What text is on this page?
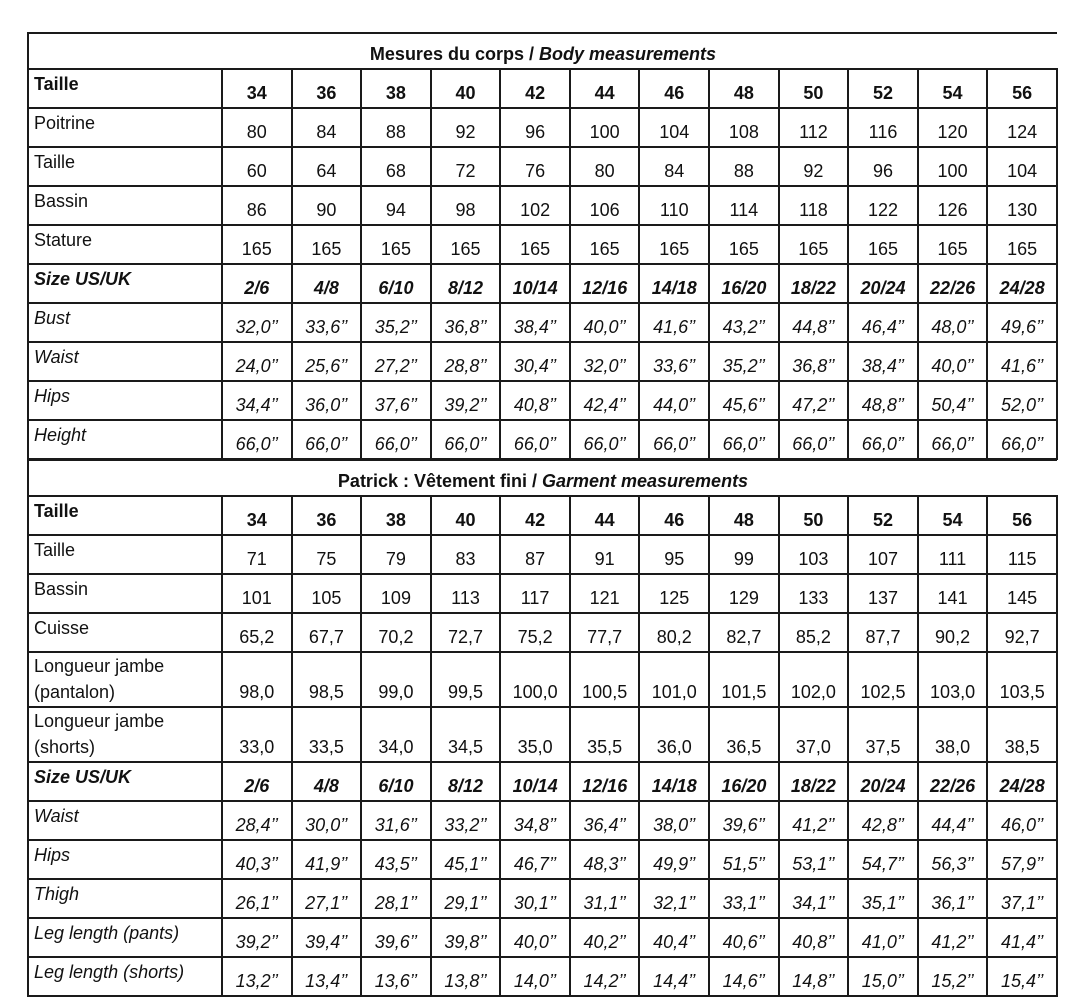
Mesures du corps / Body measurements												
Taille	34	36	38	40	42	44	46	48	50	52	54	56
Poitrine	80	84	88	92	96	100	104	108	112	116	120	124
Taille	60	64	68	72	76	80	84	88	92	96	100	104
Bassin	86	90	94	98	102	106	110	114	118	122	126	130
Stature	165	165	165	165	165	165	165	165	165	165	165	165
Size US/UK	2/6	4/8	6/10	8/12	10/14	12/16	14/18	16/20	18/22	20/24	22/26	24/28
Bust	32,0’’	33,6’’	35,2’’	36,8’’	38,4’’	40,0’’	41,6’’	43,2’’	44,8’’	46,4’’	48,0’’	49,6’’
Waist	24,0’’	25,6’’	27,2’’	28,8’’	30,4’’	32,0’’	33,6’’	35,2’’	36,8’’	38,4’’	40,0’’	41,6’’
Hips	34,4’’	36,0’’	37,6’’	39,2’’	40,8’’	42,4’’	44,0’’	45,6’’	47,2’’	48,8’’	50,4’’	52,0’’
Height	66,0’’	66,0’’	66,0’’	66,0’’	66,0’’	66,0’’	66,0’’	66,0’’	66,0’’	66,0’’	66,0’’	66,0’’
Patrick : Vêtement fini / Garment measurements												
Taille	34	36	38	40	42	44	46	48	50	52	54	56
Taille	71	75	79	83	87	91	95	99	103	107	111	115
Bassin	101	105	109	113	117	121	125	129	133	137	141	145
Cuisse	65,2	67,7	70,2	72,7	75,2	77,7	80,2	82,7	85,2	87,7	90,2	92,7
Longueur jambe (pantalon)	98,0	98,5	99,0	99,5	100,0	100,5	101,0	101,5	102,0	102,5	103,0	103,5
Longueur jambe (shorts)	33,0	33,5	34,0	34,5	35,0	35,5	36,0	36,5	37,0	37,5	38,0	38,5
Size US/UK	2/6	4/8	6/10	8/12	10/14	12/16	14/18	16/20	18/22	20/24	22/26	24/28
Waist	28,4’’	30,0’’	31,6’’	33,2’’	34,8’’	36,4’’	38,0’’	39,6’’	41,2’’	42,8’’	44,4’’	46,0’’
Hips	40,3’’	41,9’’	43,5’’	45,1’’	46,7’’	48,3’’	49,9’’	51,5’’	53,1’’	54,7’’	56,3’’	57,9’’
Thigh	26,1’’	27,1’’	28,1’’	29,1’’	30,1’’	31,1’’	32,1’’	33,1’’	34,1’’	35,1’’	36,1’’	37,1’’
Leg length (pants)	39,2’’	39,4’’	39,6’’	39,8’’	40,0’’	40,2’’	40,4’’	40,6’’	40,8’’	41,0’’	41,2’’	41,4’’
Leg length (shorts)	13,2’’	13,4’’	13,6’’	13,8’’	14,0’’	14,2’’	14,4’’	14,6’’	14,8’’	15,0’’	15,2’’	15,4’’
